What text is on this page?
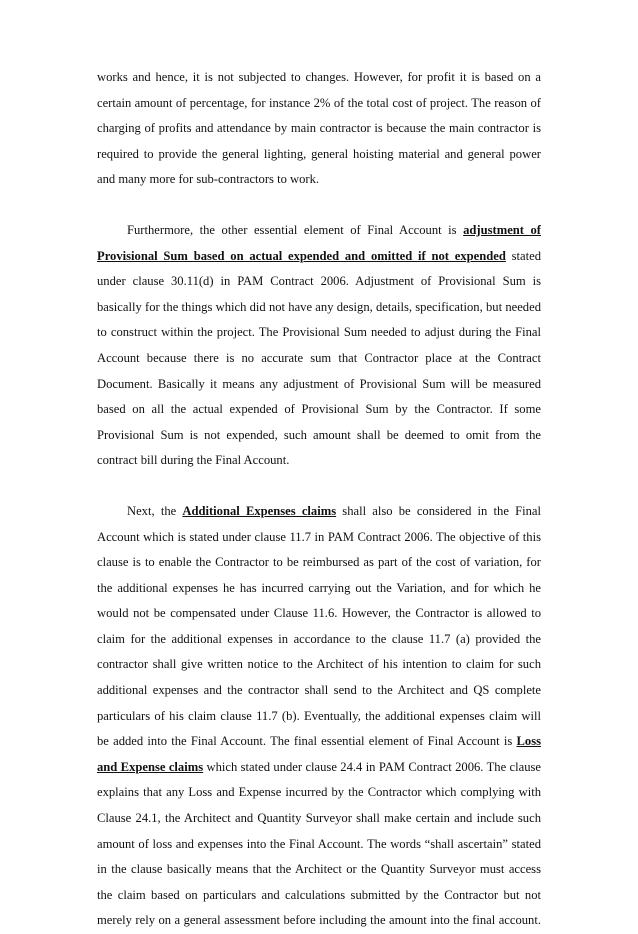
works and hence, it is not subjected to changes. However, for profit it is based on a
certain amount of percentage, for instance 2% of the total cost of project. The reason of
charging of profits and attendance by main contractor is because the main contractor is
required to provide the general lighting, general hoisting material and general power
and many more for sub-contractors to work.
Furthermore, the other essential element of Final Account is adjustment of
Provisional Sum based on actual expended and omitted if not expended stated
under clause 30.11(d) in PAM Contract 2006. Adjustment of Provisional Sum is
basically for the things which did not have any design, details, specification, but needed
to construct within the project. The Provisional Sum needed to adjust during the Final
Account because there is no accurate sum that Contractor place at the Contract
Document. Basically it means any adjustment of Provisional Sum will be measured
based on all the actual expended of Provisional Sum by the Contractor. If some
Provisional Sum is not expended, such amount shall be deemed to omit from the
contract bill during the Final Account.
Next, the Additional Expenses claims shall also be considered in the Final
Account which is stated under clause 11.7 in PAM Contract 2006. The objective of this
clause is to enable the Contractor to be reimbursed as part of the cost of variation, for
the additional expenses he has incurred carrying out the Variation, and for which he
would not be compensated under Clause 11.6. However, the Contractor is allowed to
claim for the additional expenses in accordance to the clause 11.7 (a) provided the
contractor shall give written notice to the Architect of his intention to claim for such
additional expenses and the contractor shall send to the Architect and QS complete
particulars of his claim clause 11.7 (b). Eventually, the additional expenses claim will
be added into the Final Account. The final essential element of Final Account is Loss
and Expense claims which stated under clause 24.4 in PAM Contract 2006. The clause
explains that any Loss and Expense incurred by the Contractor which complying with
Clause 24.1, the Architect and Quantity Surveyor shall make certain and include such
amount of loss and expenses into the Final Account. The words “shall ascertain” stated
in the clause basically means that the Architect or the Quantity Surveyor must access
the claim based on particulars and calculations submitted by the Contractor but not
merely rely on a general assessment before including the amount into the final account.
